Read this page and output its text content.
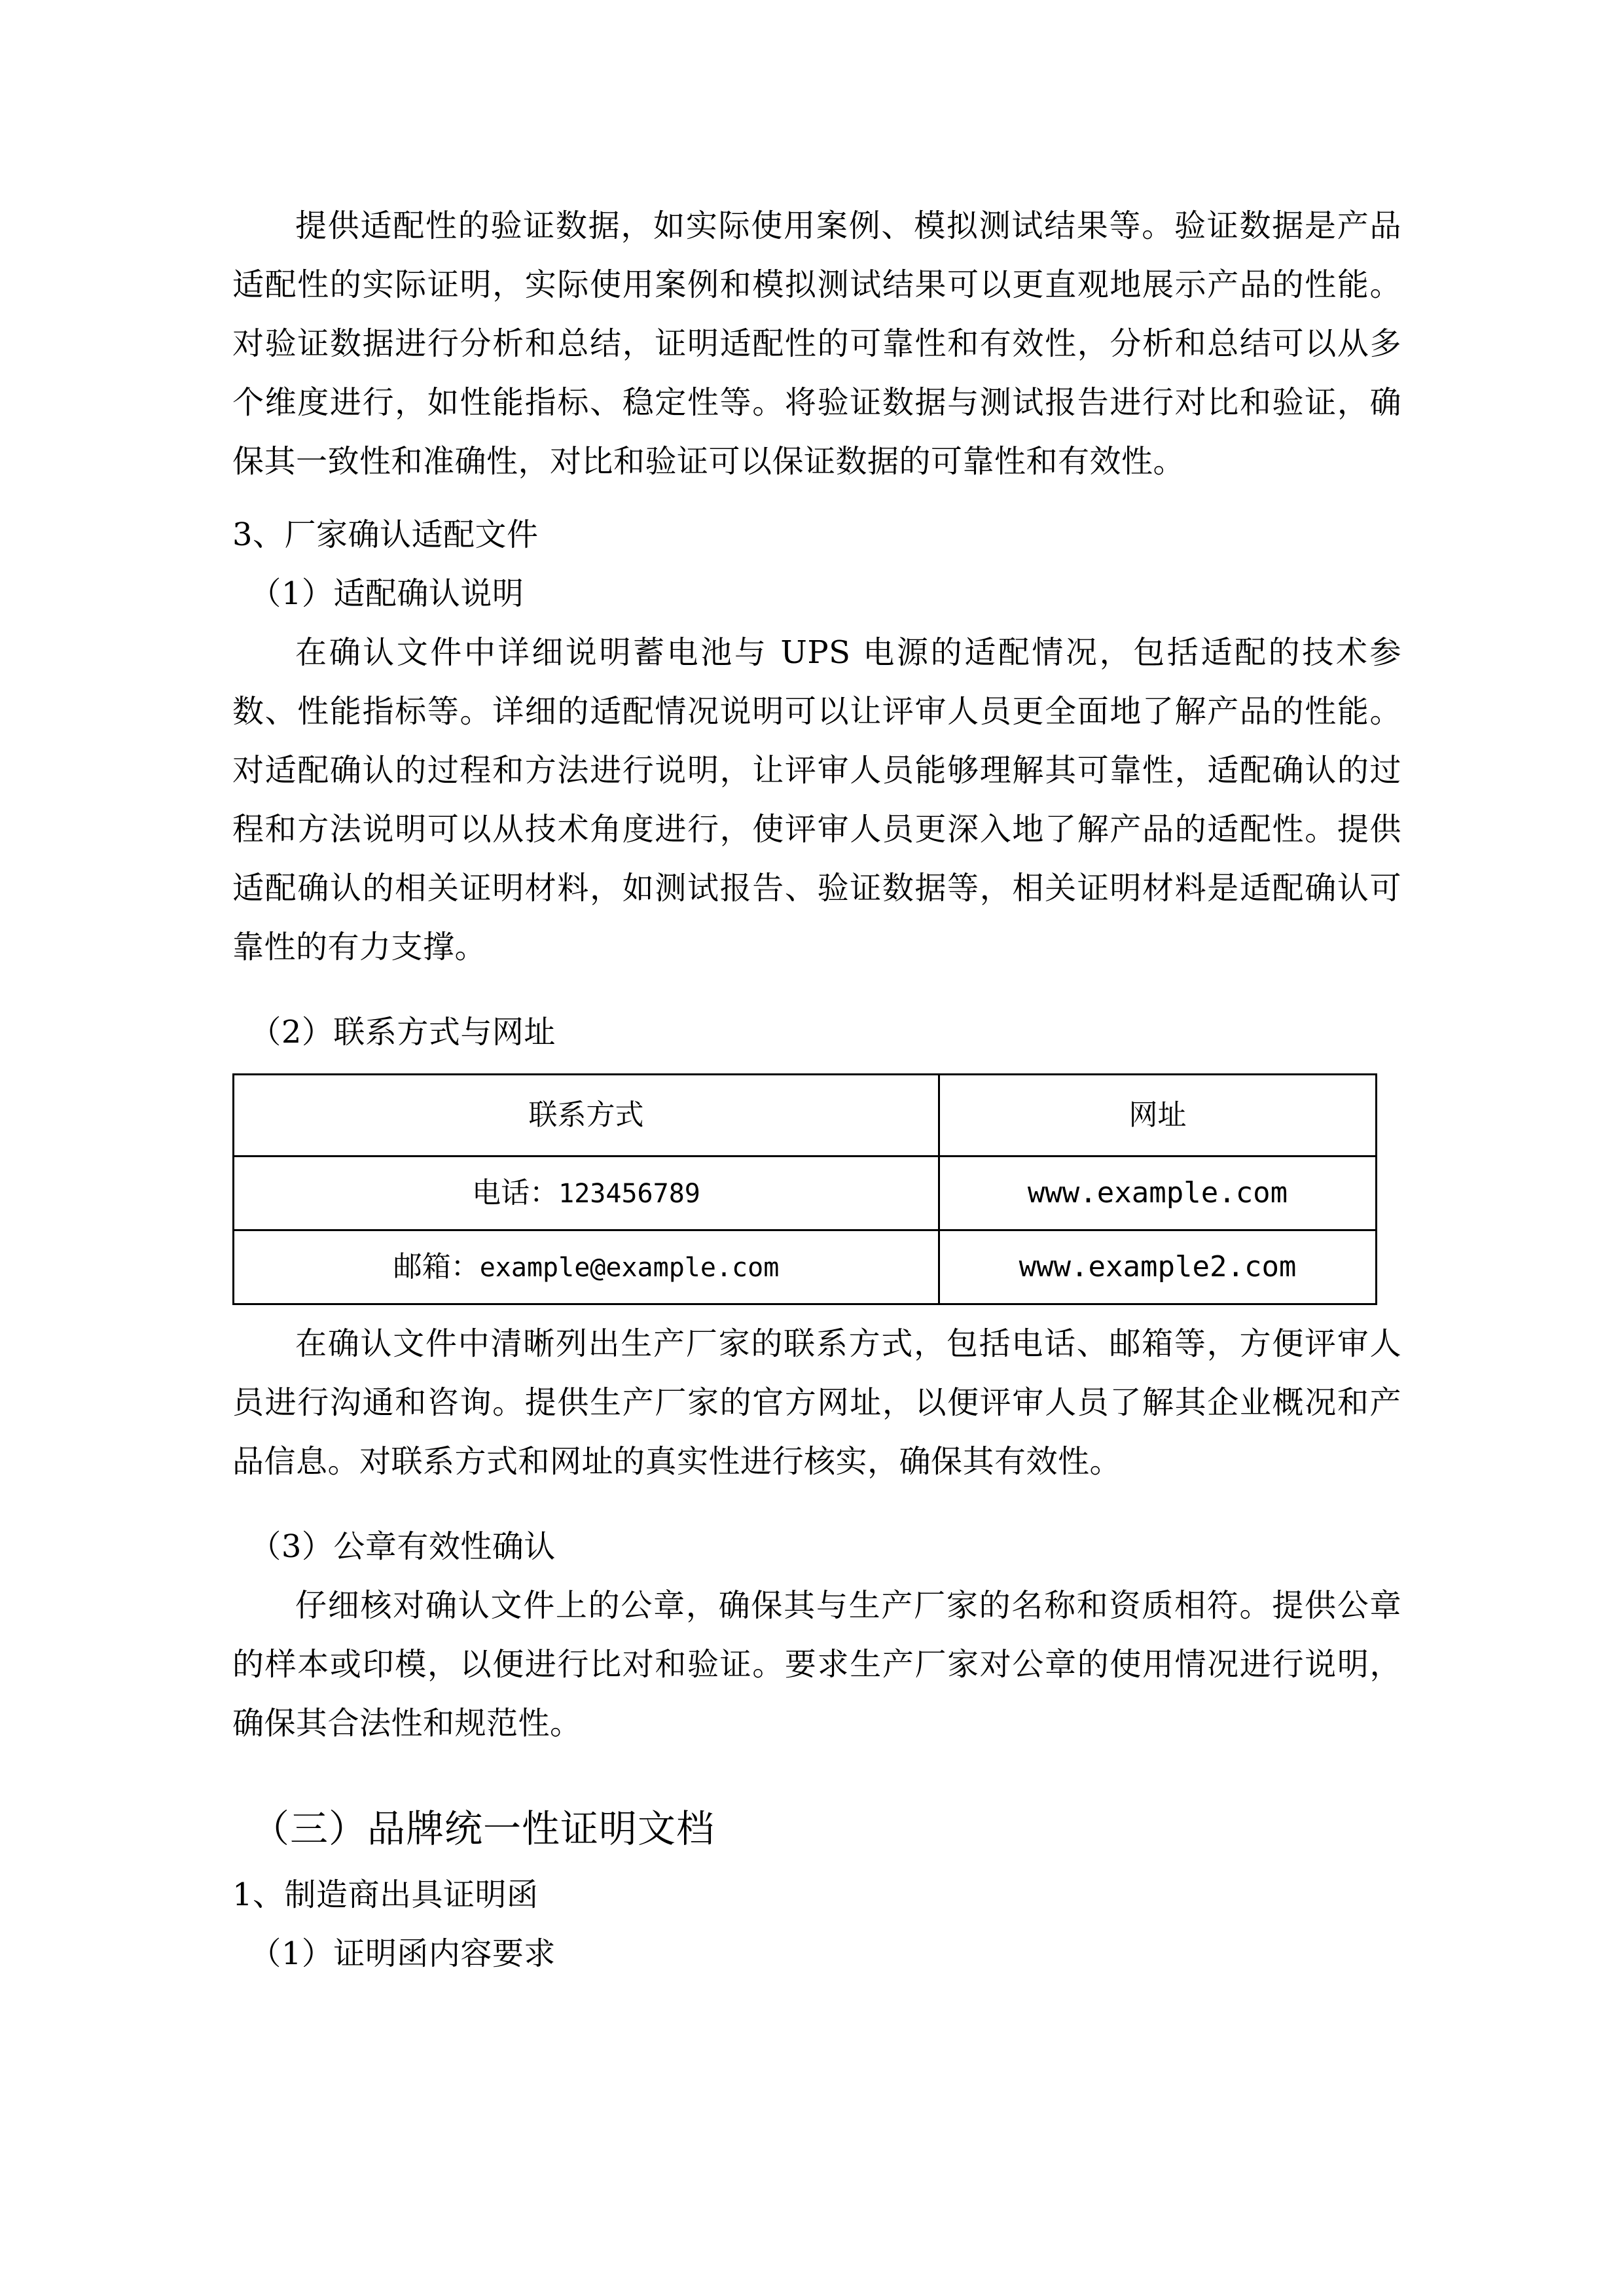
提供适配性的验证数据，如实际使用案例、模拟测试结果等。验证数据是产品适配性的实际证明，实际使用案例和模拟测试结果可以更直观地展示产品的性能。对验证数据进行分析和总结，证明适配性的可靠性和有效性，分析和总结可以从多个维度进行，如性能指标、稳定性等。将验证数据与测试报告进行对比和验证，确保其一致性和准确性，对比和验证可以保证数据的可靠性和有效性。

3、厂家确认适配文件

（1）适配确认说明

在确认文件中详细说明蓄电池与 UPS 电源的适配情况，包括适配的技术参数、性能指标等。详细的适配情况说明可以让评审人员更全面地了解产品的性能。对适配确认的过程和方法进行说明，让评审人员能够理解其可靠性，适配确认的过程和方法说明可以从技术角度进行，使评审人员更深入地了解产品的适配性。提供适配确认的相关证明材料，如测试报告、验证数据等，相关证明材料是适配确认可靠性的有力支撑。

（2）联系方式与网址

联系方式	网址
电话：123456789	www.example.com
邮箱：example@example.com	www.example2.com

在确认文件中清晰列出生产厂家的联系方式，包括电话、邮箱等，方便评审人员进行沟通和咨询。提供生产厂家的官方网址，以便评审人员了解其企业概况和产品信息。对联系方式和网址的真实性进行核实，确保其有效性。

（3）公章有效性确认

仔细核对确认文件上的公章，确保其与生产厂家的名称和资质相符。提供公章的样本或印模，以便进行比对和验证。要求生产厂家对公章的使用情况进行说明，确保其合法性和规范性。

（三）品牌统一性证明文档

1、制造商出具证明函

（1）证明函内容要求
